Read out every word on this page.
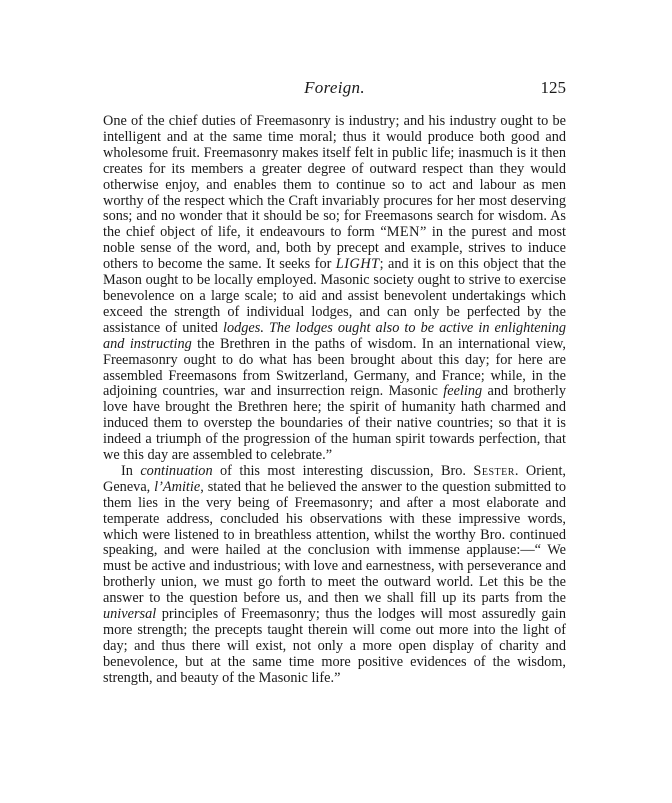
Foreign.	125

One of the chief duties of Freemasonry is industry; and his industry ought to be intelligent and at the same time moral; thus it would produce both good and wholesome fruit. Freemasonry makes itself felt in public life; inasmuch is it then creates for its members a greater degree of outward respect than they would otherwise enjoy, and enables them to continue so to act and labour as men worthy of the respect which the Craft invariably procures for her most deserving sons; and no wonder that it should be so; for Freemasons search for wisdom. As the chief object of life, it endeavours to form “MEN” in the purest and most noble sense of the word, and, both by precept and example, strives to induce others to become the same. It seeks for LIGHT; and it is on this object that the Mason ought to be locally employed. Masonic society ought to strive to exercise benevolence on a large scale; to aid and assist benevolent undertakings which exceed the strength of individual lodges, and can only be perfected by the assistance of united lodges. The lodges ought also to be active in enlightening and instructing the Brethren in the paths of wisdom. In an international view, Freemasonry ought to do what has been brought about this day; for here are assembled Freemasons from Switzerland, Germany, and France; while, in the adjoining countries, war and insurrection reign. Masonic feeling and brotherly love have brought the Brethren here; the spirit of humanity hath charmed and induced them to overstep the boundaries of their native countries; so that it is indeed a triumph of the progression of the human spirit towards perfection, that we this day are assembled to celebrate.”

In continuation of this most interesting discussion, Bro. Sester. Orient, Geneva, l’Amitie, stated that he believed the answer to the question submitted to them lies in the very being of Freemasonry; and after a most elaborate and temperate address, concluded his observations with these impressive words, which were listened to in breathless attention, whilst the worthy Bro. continued speaking, and were hailed at the conclusion with immense applause:—“ We must be active and industrious; with love and earnestness, with perseverance and brotherly union, we must go forth to meet the outward world. Let this be the answer to the question before us, and then we shall fill up its parts from the universal principles of Freemasonry; thus the lodges will most assuredly gain more strength; the precepts taught therein will come out more into the light of day; and thus there will exist, not only a more open display of charity and benevolence, but at the same time more positive evidences of the wisdom, strength, and beauty of the Masonic life.”
